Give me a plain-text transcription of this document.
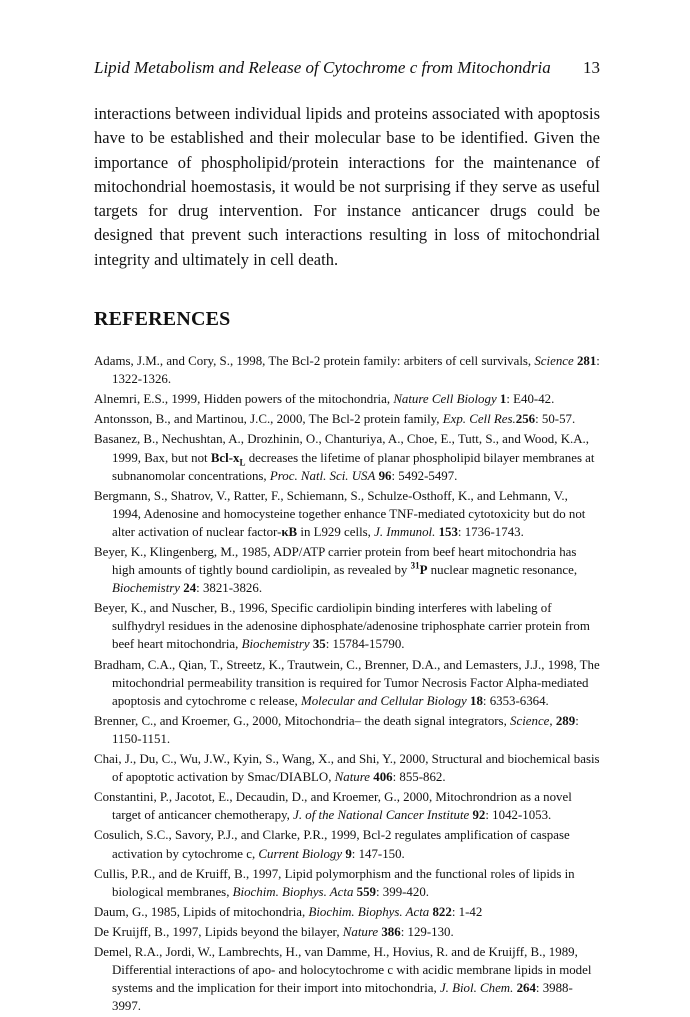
Lipid Metabolism and Release of Cytochrome c from Mitochondria 13

interactions between individual lipids and proteins associated with apoptosis have to be established and their molecular base to be identified. Given the importance of phospholipid/protein interactions for the maintenance of mitochondrial hoemostasis, it would be not surprising if they serve as useful targets for drug intervention. For instance anticancer drugs could be designed that prevent such interactions resulting in loss of mitochondrial integrity and ultimately in cell death.

REFERENCES
Adams, J.M., and Cory, S., 1998, The Bcl-2 protein family: arbiters of cell survivals, Science 281: 1322-1326.
Alnemri, E.S., 1999, Hidden powers of the mitochondria, Nature Cell Biology 1: E40-42.
Antonsson, B., and Martinou, J.C., 2000, The Bcl-2 protein family, Exp. Cell Res.256: 50-57.
Basanez, B., Nechushtan, A., Drozhinin, O., Chanturiya, A., Choe, E., Tutt, S., and Wood, K.A., 1999, Bax, but not Bcl-$x_L$ decreases the lifetime of planar phospholipid bilayer membranes at subnanomolar concentrations, Proc. Natl. Sci. USA 96: 5492-5497.
Bergmann, S., Shatrov, V., Ratter, F., Schiemann, S., Schulze-Osthoff, K., and Lehmann, V., 1994, Adenosine and homocysteine together enhance TNF-mediated cytotoxicity but do not alter activation of nuclear factor-κB in L929 cells, J. Immunol. 153: 1736-1743.
Beyer, K., Klingenberg, M., 1985, ADP/ATP carrier protein from beef heart mitochondria has high amounts of tightly bound cardiolipin, as revealed by $^{31}$P nuclear magnetic resonance, Biochemistry 24: 3821-3826.
Beyer, K., and Nuscher, B., 1996, Specific cardiolipin binding interferes with labeling of sulfhydryl residues in the adenosine diphosphate/adenosine triphosphate carrier protein from beef heart mitochondria, Biochemistry 35: 15784-15790.
Bradham, C.A., Qian, T., Streetz, K., Trautwein, C., Brenner, D.A., and Lemasters, J.J., 1998, The mitochondrial permeability transition is required for Tumor Necrosis Factor Alpha-mediated apoptosis and cytochrome c release, Molecular and Cellular Biology 18: 6353-6364.
Brenner, C., and Kroemer, G., 2000, Mitochondria– the death signal integrators, Science, 289: 1150-1151.
Chai, J., Du, C., Wu, J.W., Kyin, S., Wang, X., and Shi, Y., 2000, Structural and biochemical basis of apoptotic activation by Smac/DIABLO, Nature 406: 855-862.
Constantini, P., Jacotot, E., Decaudin, D., and Kroemer, G., 2000, Mitochrondrion as a novel target of anticancer chemotherapy, J. of the National Cancer Institute 92: 1042-1053.
Cosulich, S.C., Savory, P.J., and Clarke, P.R., 1999, Bcl-2 regulates amplification of caspase activation by cytochrome c, Current Biology 9: 147-150.
Cullis, P.R., and de Kruiff, B., 1997, Lipid polymorphism and the functional roles of lipids in biological membranes, Biochim. Biophys. Acta 559: 399-420.
Daum, G., 1985, Lipids of mitochondria, Biochim. Biophys. Acta 822: 1-42
De Kruijff, B., 1997, Lipids beyond the bilayer, Nature 386: 129-130.
Demel, R.A., Jordi, W., Lambrechts, H., van Damme, H., Hovius, R. and de Kruijff, B., 1989, Differential interactions of apo- and holocytochrome c with acidic membrane lipids in model systems and the implication for their import into mitochondria, J. Biol. Chem. 264: 3988-3997.
